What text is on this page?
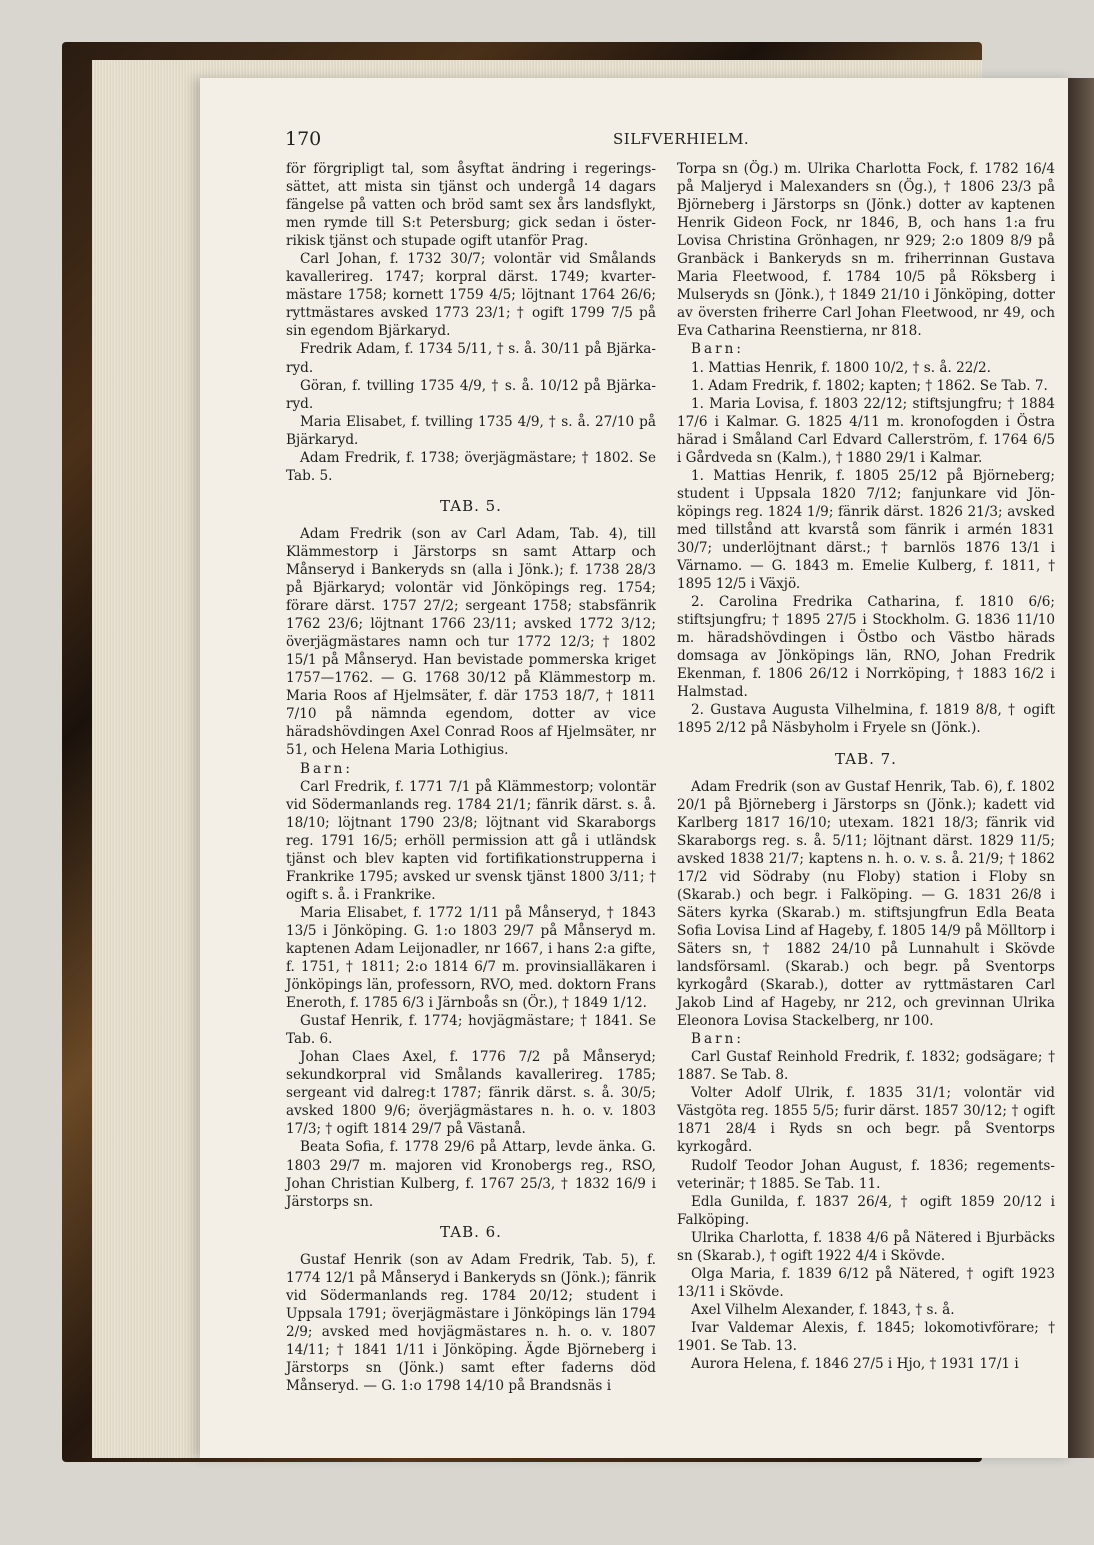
170	SILFVERHIELM.

för förgripligt tal, som åsyftat ändring i regeringssättet, att mista sin tjänst och undergå 14 dagars fängelse på vatten och bröd samt sex års landsflykt, men rymde till S:t Petersburg; gick sedan i österrikisk tjänst och stupade ogift utanför Prag.

Carl Johan, f. 1732 30/7; volontär vid Smålands kavallerireg. 1747; korpral därst. 1749; kvartermästare 1758; kornett 1759 4/5; löjtnant 1764 26/6; ryttmästares avsked 1773 23/1; † ogift 1799 7/5 på sin egendom Bjärkaryd.

Fredrik Adam, f. 1734 5/11, † s. å. 30/11 på Bjärkaryd.

Göran, f. tvilling 1735 4/9, † s. å. 10/12 på Bjärkaryd.

Maria Elisabet, f. tvilling 1735 4/9, † s. å. 27/10 på Bjärkaryd.

Adam Fredrik, f. 1738; överjägmästare; † 1802. Se Tab. 5.

TAB. 5.

Adam Fredrik (son av Carl Adam, Tab. 4), till Klämmestorp i Järstorps sn samt Attarp och Månseryd i Bankeryds sn (alla i Jönk.); f. 1738 28/3 på Bjärkaryd; volontär vid Jönköpings reg. 1754; förare därst. 1757 27/2; sergeant 1758; stabsfänrik 1762 23/6; löjtnant 1766 23/11; avsked 1772 3/12; överjägmästares namn och tur 1772 12/3; † 1802 15/1 på Månseryd. Han bevistade pommerska kriget 1757—1762. — G. 1768 30/12 på Klämmestorp m. Maria Roos af Hjelmsäter, f. där 1753 18/7, † 1811 7/10 på nämnda egendom, dotter av vice häradshövdingen Axel Conrad Roos af Hjelmsäter, nr 51, och Helena Maria Lothigius.

Barn:

Carl Fredrik, f. 1771 7/1 på Klämmestorp; volontär vid Södermanlands reg. 1784 21/1; fänrik därst. s. å. 18/10; löjtnant 1790 23/8; löjtnant vid Skaraborgs reg. 1791 16/5; erhöll permission att gå i utländsk tjänst och blev kapten vid fortifikationstrupperna i Frankrike 1795; avsked ur svensk tjänst 1800 3/11; † ogift s. å. i Frankrike.

Maria Elisabet, f. 1772 1/11 på Månseryd, † 1843 13/5 i Jönköping. G. 1:o 1803 29/7 på Månseryd m. kaptenen Adam Leijonadler, nr 1667, i hans 2:a gifte, f. 1751, † 1811; 2:o 1814 6/7 m. provinsialläkaren i Jönköpings län, professorn, RVO, med. doktorn Frans Eneroth, f. 1785 6/3 i Järnboås sn (Ör.), † 1849 1/12.

Gustaf Henrik, f. 1774; hovjägmästare; † 1841. Se Tab. 6.

Johan Claes Axel, f. 1776 7/2 på Månseryd; sekundkorpral vid Smålands kavallerireg. 1785; sergeant vid dalreg:t 1787; fänrik därst. s. å. 30/5; avsked 1800 9/6; överjägmästares n. h. o. v. 1803 17/3; † ogift 1814 29/7 på Västanå.

Beata Sofia, f. 1778 29/6 på Attarp, levde änka. G. 1803 29/7 m. majoren vid Kronobergs reg., RSO, Johan Christian Kulberg, f. 1767 25/3, † 1832 16/9 i Järstorps sn.

TAB. 6.

Gustaf Henrik (son av Adam Fredrik, Tab. 5), f. 1774 12/1 på Månseryd i Bankeryds sn (Jönk.); fänrik vid Södermanlands reg. 1784 20/12; student i Uppsala 1791; överjägmästare i Jönköpings län 1794 2/9; avsked med hovjägmästares n. h. o. v. 1807 14/11; † 1841 1/11 i Jönköping. Ägde Björneberg i Järstorps sn (Jönk.) samt efter faderns död Månseryd. — G. 1:o 1798 14/10 på Brandsnäs i

Torpa sn (Ög.) m. Ulrika Charlotta Fock, f. 1782 16/4 på Maljeryd i Malexanders sn (Ög.), † 1806 23/3 på Björneberg i Järstorps sn (Jönk.) dotter av kaptenen Henrik Gideon Fock, nr 1846, B, och hans 1:a fru Lovisa Christina Grönhagen, nr 929; 2:o 1809 8/9 på Granbäck i Bankeryds sn m. friherrinnan Gustava Maria Fleetwood, f. 1784 10/5 på Röksberg i Mulseryds sn (Jönk.), † 1849 21/10 i Jönköping, dotter av översten friherre Carl Johan Fleetwood, nr 49, och Eva Catharina Reenstierna, nr 818.

Barn:

1. Mattias Henrik, f. 1800 10/2, † s. å. 22/2.

1. Adam Fredrik, f. 1802; kapten; † 1862. Se Tab. 7.

1. Maria Lovisa, f. 1803 22/12; stiftsjungfru; † 1884 17/6 i Kalmar. G. 1825 4/11 m. kronofogden i Östra härad i Småland Carl Edvard Callerström, f. 1764 6/5 i Gårdveda sn (Kalm.), † 1880 29/1 i Kalmar.

1. Mattias Henrik, f. 1805 25/12 på Björneberg; student i Uppsala 1820 7/12; fanjunkare vid Jönköpings reg. 1824 1/9; fänrik därst. 1826 21/3; avsked med tillstånd att kvarstå som fänrik i armén 1831 30/7; underlöjtnant därst.; † barnlös 1876 13/1 i Värnamo. — G. 1843 m. Emelie Kulberg, f. 1811, † 1895 12/5 i Växjö.

2. Carolina Fredrika Catharina, f. 1810 6/6; stiftsjungfru; † 1895 27/5 i Stockholm. G. 1836 11/10 m. häradshövdingen i Östbo och Västbo härads domsaga av Jönköpings län, RNO, Johan Fredrik Ekenman, f. 1806 26/12 i Norrköping, † 1883 16/2 i Halmstad.

2. Gustava Augusta Vilhelmina, f. 1819 8/8, † ogift 1895 2/12 på Näsbyholm i Fryele sn (Jönk.).

TAB. 7.

Adam Fredrik (son av Gustaf Henrik, Tab. 6), f. 1802 20/1 på Björneberg i Järstorps sn (Jönk.); kadett vid Karlberg 1817 16/10; utexam. 1821 18/3; fänrik vid Skaraborgs reg. s. å. 5/11; löjtnant därst. 1829 11/5; avsked 1838 21/7; kaptens n. h. o. v. s. å. 21/9; † 1862 17/2 vid Södraby (nu Floby) station i Floby sn (Skarab.) och begr. i Falköping. — G. 1831 26/8 i Säters kyrka (Skarab.) m. stiftsjungfrun Edla Beata Sofia Lovisa Lind af Hageby, f. 1805 14/9 på Mölltorp i Säters sn, † 1882 24/10 på Lunnahult i Skövde landsförsaml. (Skarab.) och begr. på Sventorps kyrkogård (Skarab.), dotter av ryttmästaren Carl Jakob Lind af Hageby, nr 212, och grevinnan Ulrika Eleonora Lovisa Stackelberg, nr 100.

Barn:

Carl Gustaf Reinhold Fredrik, f. 1832; godsägare; † 1887. Se Tab. 8.

Volter Adolf Ulrik, f. 1835 31/1; volontär vid Västgöta reg. 1855 5/5; furir därst. 1857 30/12; † ogift 1871 28/4 i Ryds sn och begr. på Sventorps kyrkogård.

Rudolf Teodor Johan August, f. 1836; regementsveterinär; † 1885. Se Tab. 11.

Edla Gunilda, f. 1837 26/4, † ogift 1859 20/12 i Falköping.

Ulrika Charlotta, f. 1838 4/6 på Nätered i Bjurbäcks sn (Skarab.), † ogift 1922 4/4 i Skövde.

Olga Maria, f. 1839 6/12 på Nätered, † ogift 1923 13/11 i Skövde.

Axel Vilhelm Alexander, f. 1843, † s. å.

Ivar Valdemar Alexis, f. 1845; lokomotivförare; † 1901. Se Tab. 13.

Aurora Helena, f. 1846 27/5 i Hjo, † 1931 17/1 i
